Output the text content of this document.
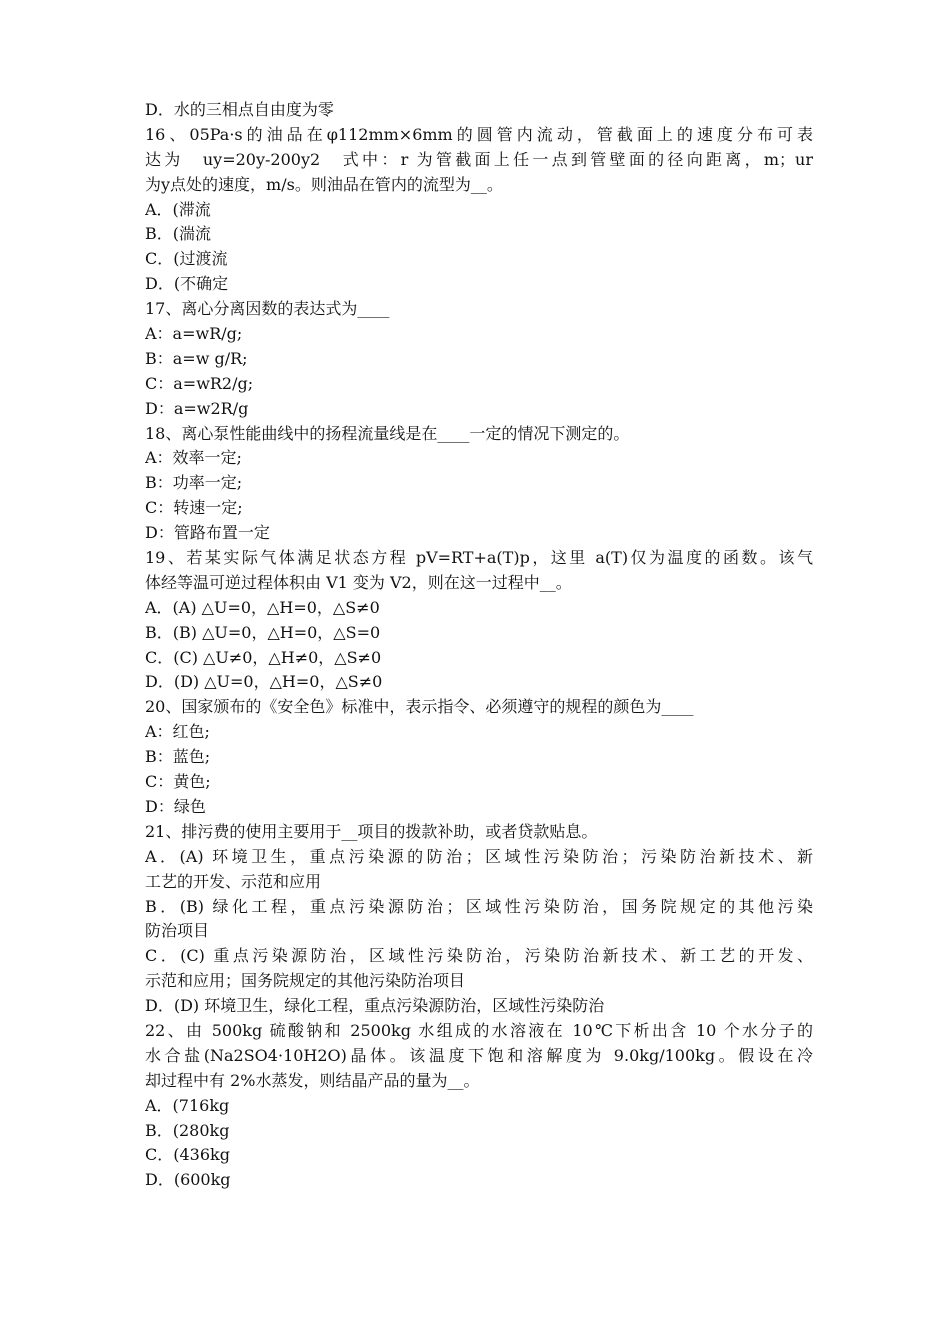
D．水的三相点自由度为零
16、05Pa·s的油品在φ112mm×6mm的圆管内流动，管截面上的速度分布可表
达为　uy=20y-200y2　式中：r 为管截面上任一点到管壁面的径向距离，m；ur
为y点处的速度，m/s。则油品在管内的流型为__。
A．(滞流
B．(湍流
C．(过渡流
D．(不确定
17、离心分离因数的表达式为____
A：a=wR/g;
B：a=w g/R;
C：a=wR2/g;
D：a=w2R/g
18、离心泵性能曲线中的扬程流量线是在____一定的情况下测定的。
A：效率一定;
B：功率一定;
C：转速一定;
D：管路布置一定
19、若某实际气体满足状态方程 pV=RT+a(T)p，这里 a(T)仅为温度的函数。该气
体经等温可逆过程体积由 V1 变为 V2，则在这一过程中__。
A．(A) △U=0，△H=0，△S≠0
B．(B) △U=0，△H=0，△S=0
C．(C) △U≠0，△H≠0，△S≠0
D．(D) △U=0，△H=0，△S≠0
20、国家颁布的《安全色》标准中，表示指令、必须遵守的规程的颜色为____
A：红色;
B：蓝色;
C：黄色;
D：绿色
21、排污费的使用主要用于__项目的拨款补助，或者贷款贴息。
A．(A) 环境卫生，重点污染源的防治；区域性污染防治；污染防治新技术、新
工艺的开发、示范和应用
B．(B) 绿化工程，重点污染源防治；区域性污染防治，国务院规定的其他污染
防治项目
C．(C) 重点污染源防治，区域性污染防治，污染防治新技术、新工艺的开发、
示范和应用；国务院规定的其他污染防治项目
D．(D) 环境卫生，绿化工程，重点污染源防治，区域性污染防治
22、由 500kg 硫酸钠和 2500kg 水组成的水溶液在 10℃下析出含 10 个水分子的
水合盐(Na2SO4·10H2O)晶体。该温度下饱和溶解度为 9.0kg/100kg。假设在冷
却过程中有 2%水蒸发，则结晶产品的量为__。
A．(716kg
B．(280kg
C．(436kg
D．(600kg
